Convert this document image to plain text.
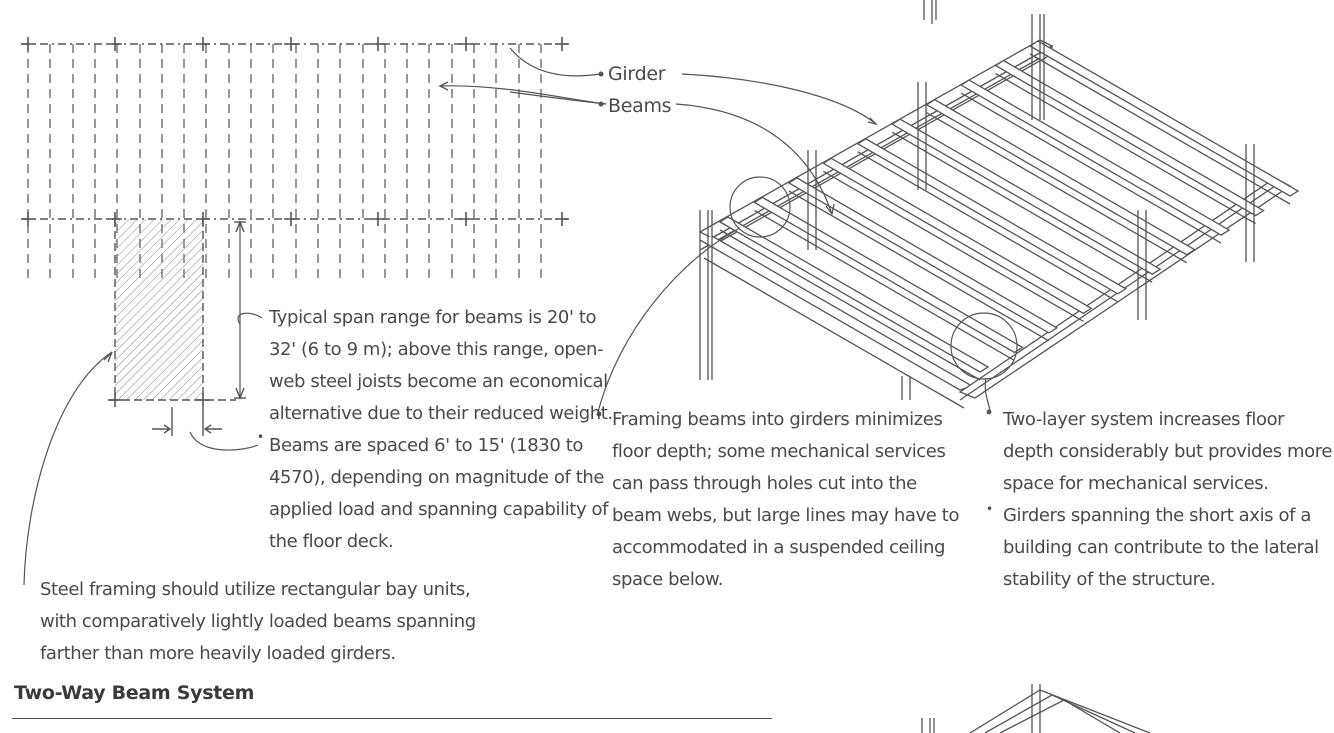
Girder
Beams
Typical span range for beams is 20' to
32' (6 to 9 m); above this range, open-
web steel joists become an economical
alternative due to their reduced weight.
• Beams are spaced 6' to 15' (1830 to
4570), depending on magnitude of the
applied load and spanning capability of
the floor deck.
Steel framing should utilize rectangular bay units,
with comparatively lightly loaded beams spanning
farther than more heavily loaded girders.
Framing beams into girders minimizes
floor depth; some mechanical services
can pass through holes cut into the
beam webs, but large lines may have to
accommodated in a suspended ceiling
space below.
Two-layer system increases floor
depth considerably but provides more
space for mechanical services.
• Girders spanning the short axis of a
building can contribute to the lateral
stability of the structure.
Two-Way Beam System
